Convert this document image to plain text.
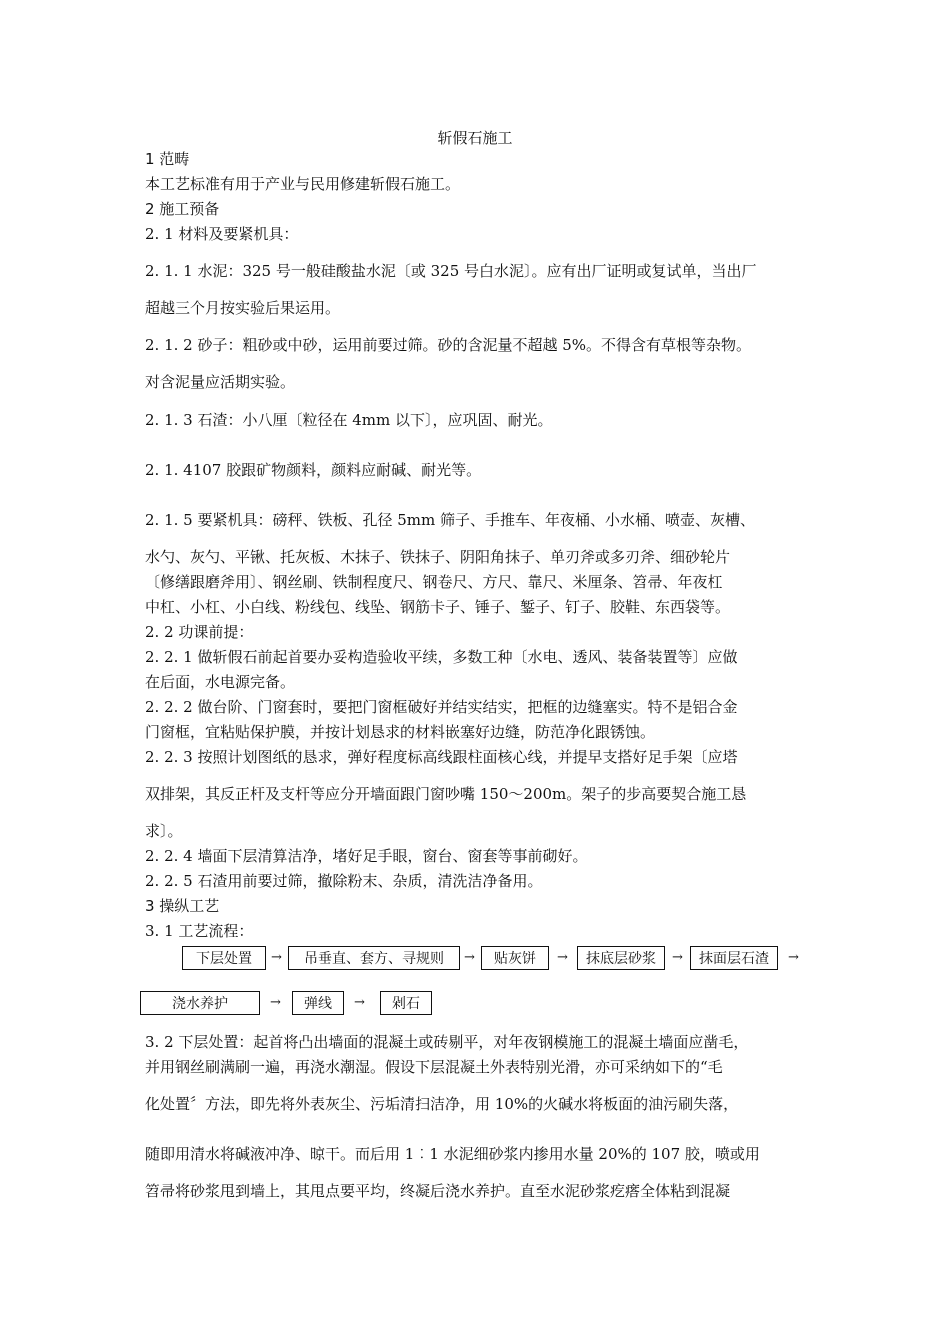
斩假石施工
1 范畴
本工艺标准有用于产业与民用修建斩假石施工。
2 施工预备
2. 1 材料及要紧机具：
2. 1. 1 水泥：325 号一般硅酸盐水泥〔或 325 号白水泥〕。应有出厂证明或复试单，当出厂
超越三个月按实验后果运用。
2. 1. 2 砂子：粗砂或中砂，运用前要过筛。砂的含泥量不超越 5%。不得含有草根等杂物。
对含泥量应活期实验。
2. 1. 3 石渣：小八厘〔粒径在 4mm 以下〕，应巩固、耐光。
2. 1. 4107 胶跟矿物颜料，颜料应耐碱、耐光等。
2. 1. 5 要紧机具：磅秤、铁板、孔径 5mm 筛子、手推车、年夜桶、小水桶、喷壶、灰槽、
水勺、灰勺、平锹、托灰板、木抹子、铁抹子、阴阳角抹子、单刃斧或多刃斧、细砂轮片
〔修缮跟磨斧用〕、钢丝刷、铁制程度尺、钢卷尺、方尺、靠尺、米厘条、笤帚、年夜杠
中杠、小杠、小白线、粉线包、线坠、钢筋卡子、锤子、錾子、钉子、胶鞋、东西袋等。
2. 2 功课前提：
2. 2. 1 做斩假石前起首要办妥构造验收平续，多数工种〔水电、透风、装备装置等〕应做
在后面，水电源完备。
2. 2. 2 做台阶、门窗套时，要把门窗框破好并结实结实，把框的边缝塞实。特不是铝合金
门窗框，宜粘贴保护膜，并按计划恳求的材料嵌塞好边缝，防范净化跟锈蚀。
2. 2. 3 按照计划图纸的恳求，弹好程度标高线跟柱面核心线，并提早支搭好足手架〔应塔
双排架，其反正杆及支杆等应分开墙面跟门窗吵嘴 150～200m。架子的步高要契合施工恳
求〕。
2. 2. 4 墙面下层清算洁净，堵好足手眼，窗台、窗套等事前砌好。
2. 2. 5 石渣用前要过筛，撤除粉末、杂质，清洗洁净备用。
3 操纵工艺
3. 1 工艺流程：
下层处置	→	吊垂直、套方、寻规则	→	贴灰饼	→	抹底层砂浆	→	抹面层石渣	→
浇水养护	→	弹线	→	剁石
3. 2 下层处置：起首将凸出墙面的混凝土或砖剔平，对年夜钢模施工的混凝土墙面应凿毛，
并用钢丝刷满刷一遍，再浇水潮湿。假设下层混凝土外表特别光滑，亦可采纳如下的“毛
化处置〞方法，即先将外表灰尘、污垢清扫洁净，用 10%的火碱水将板面的油污刷失落，
随即用清水将碱液冲净、晾干。而后用 1︰1 水泥细砂浆内掺用水量 20%的 107 胶，喷或用
笤帚将砂浆甩到墙上，其甩点要平均，终凝后浇水养护。直至水泥砂浆疙瘩全体粘到混凝
